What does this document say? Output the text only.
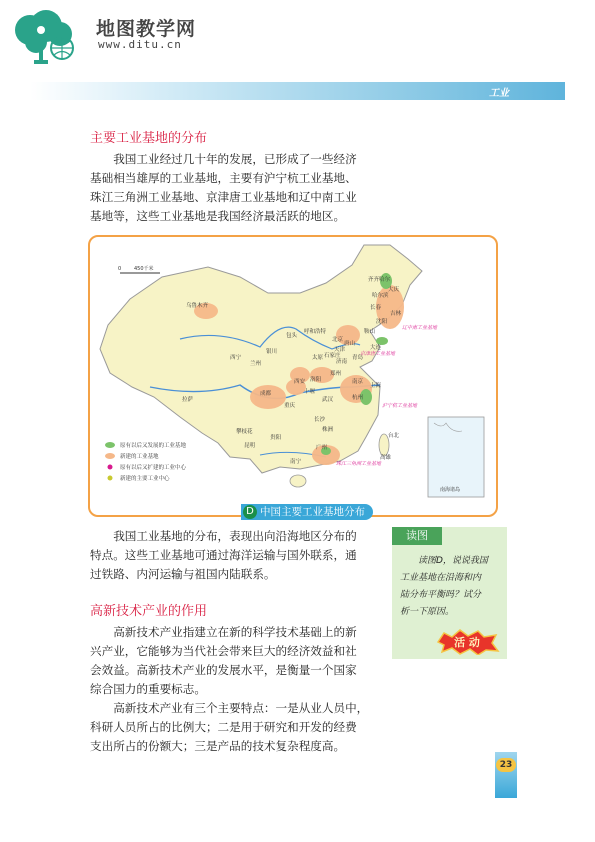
地图教学网
www.ditu.cn
工业
主要工业基地的分布
我国工业经过几十年的发展，已形成了一些经济
基础相当雄厚的工业基地，主要有沪宁杭工业基地、
珠江三角洲工业基地、京津唐工业基地和辽中南工业
基地等，这些工业基地是我国经济最活跃的地区。
0	450千米
齐齐哈尔
哈尔滨
大庆
长春
吉林
沈阳
鞍山
大连
乌鲁木齐
呼和浩特
包头
北京
天津
唐山
太原 石家庄
济南
青岛
银川
兰州
西宁
西安 洛阳
郑州
南京
上海
杭州
武汉
重庆
成都
长沙
株洲
拉萨
攀枝花
昆明
贵阳
南宁
广州
台北
高雄
十堰
辽中南工业基地
京津唐工业基地
沪宁杭工业基地
珠江三角洲工业基地
原有以后又发展的工业基地
新建的工业基地
原有以后又扩建的工业中心
新建的主要工业中心
南海诸岛
D 中国主要工业基地分布
我国工业基地的分布，表现出向沿海地区分布的
特点。这些工业基地可通过海洋运输与国外联系，通
过铁路、内河运输与祖国内陆联系。
高新技术产业的作用
高新技术产业指建立在新的科学技术基础上的新
兴产业，它能够为当代社会带来巨大的经济效益和社
会效益。高新技术产业的发展水平，是衡量一个国家
综合国力的重要标志。
高新技术产业有三个主要特点：一是从业人员中，
科研人员所占的比例大；二是用于研究和开发的经费
支出所占的份额大；三是产品的技术复杂程度高。
读图
读图D，说说我国
工业基地在沿海和内
陆分布平衡吗？试分
析一下原因。
活 动
23
